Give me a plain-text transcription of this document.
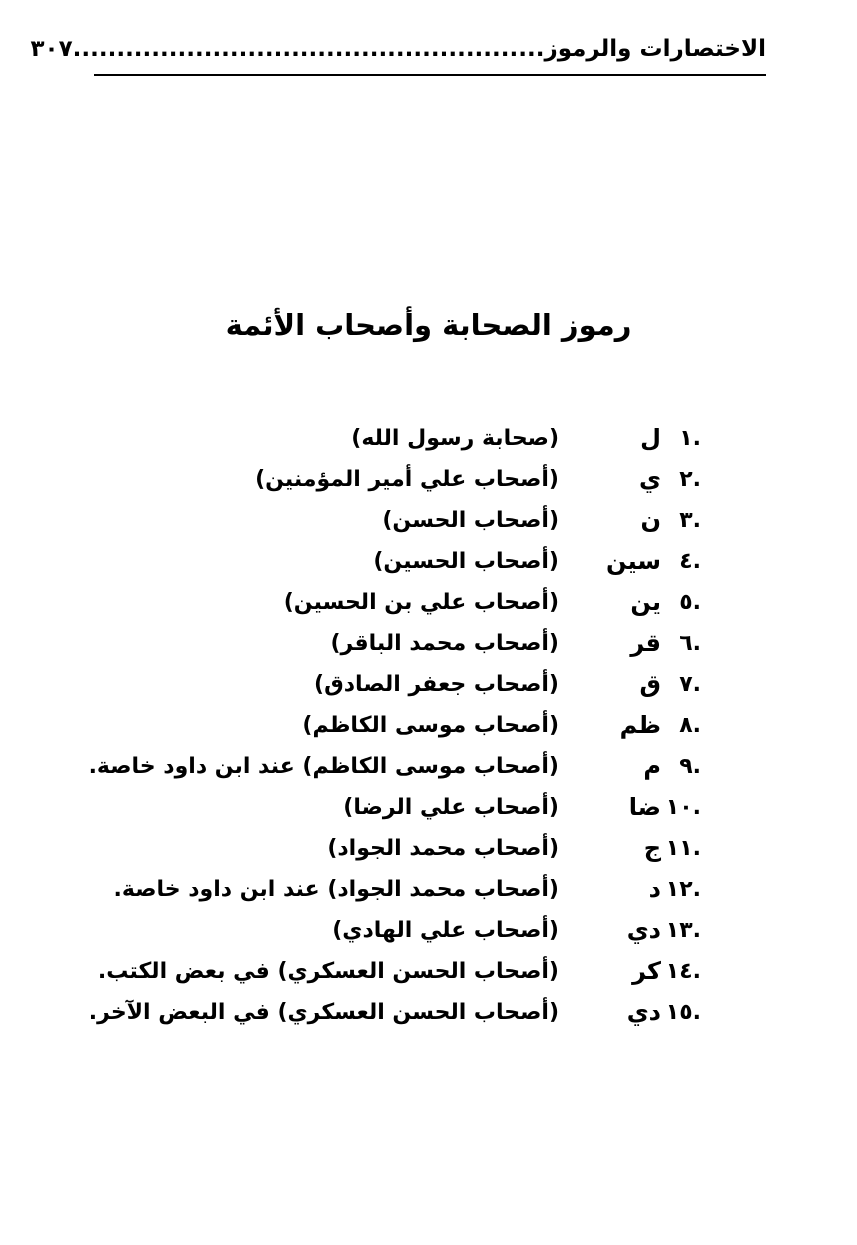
الاختصارات والرموز......................................................٣٠٧
رموز الصحابة وأصحاب الأئمة
١.
ل
(صحابة رسول الله)
٢.
ي
(أصحاب علي أمير المؤمنين)
٣.
ن
(أصحاب الحسن)
٤.
سين
(أصحاب الحسين)
٥.
ين
(أصحاب علي بن الحسين)
٦.
قر
(أصحاب محمد الباقر)
٧.
ق
(أصحاب جعفر الصادق)
٨.
ظم
(أصحاب موسى الكاظم)
٩.
م
(أصحاب موسى الكاظم) عند ابن داود خاصة.
١٠.
ضا
(أصحاب علي الرضا)
١١.
ج
(أصحاب محمد الجواد)
١٢.
د
(أصحاب محمد الجواد) عند ابن داود خاصة.
١٣.
دي
(أصحاب علي الهادي)
١٤.
كر
(أصحاب الحسن العسكري) في بعض الكتب.
١٥.
دي
(أصحاب الحسن العسكري) في البعض الآخر.
